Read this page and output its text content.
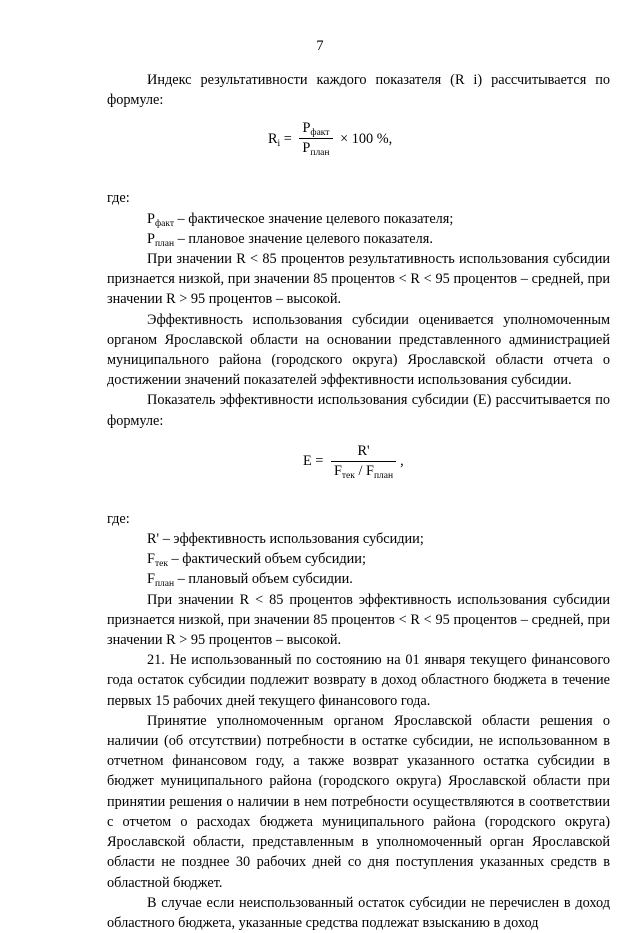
7

Индекс результативности каждого показателя (R i) рассчитывается по формуле:

$R_i = \frac{P_{факт}}{P_{план}} \times 100$ %,

где:

$P_{факт}$ – фактическое значение целевого показателя;

$P_{план}$ – плановое значение целевого показателя.

При значении R < 85 процентов результативность использования субсидии признается низкой, при значении 85 процентов < R < 95 процентов – средней, при значении R > 95 процентов – высокой.

Эффективность использования субсидии оценивается уполномоченным органом Ярославской области на основании представленного администрацией муниципального района (городского округа) Ярославской области отчета о достижении значений показателей эффективности использования субсидии.

Показатель эффективности использования субсидии (E) рассчитывается по формуле:

$E = \frac{R'}{F_{тек} / F_{план}}$ ,

где:

R' – эффективность использования субсидии;

$F_{тек}$ – фактический объем субсидии;

$F_{план}$ – плановый объем субсидии.

При значении R < 85 процентов эффективность использования субсидии признается низкой, при значении 85 процентов < R < 95 процентов – средней, при значении R > 95 процентов – высокой.

21. Не использованный по состоянию на 01 января текущего финансового года остаток субсидии подлежит возврату в доход областного бюджета в течение первых 15 рабочих дней текущего финансового года.

Принятие уполномоченным органом Ярославской области решения о наличии (об отсутствии) потребности в остатке субсидии, не использованном в отчетном финансовом году, а также возврат указанного остатка субсидии в бюджет муниципального района (городского округа) Ярославской области при принятии решения о наличии в нем потребности осуществляются в соответствии с отчетом о расходах бюджета муниципального района (городского округа) Ярославской области, представленным в уполномоченный орган Ярославской области не позднее 30 рабочих дней со дня поступления указанных средств в областной бюджет.

В случае если неиспользованный остаток субсидии не перечислен в доход областного бюджета, указанные средства подлежат взысканию в доход
